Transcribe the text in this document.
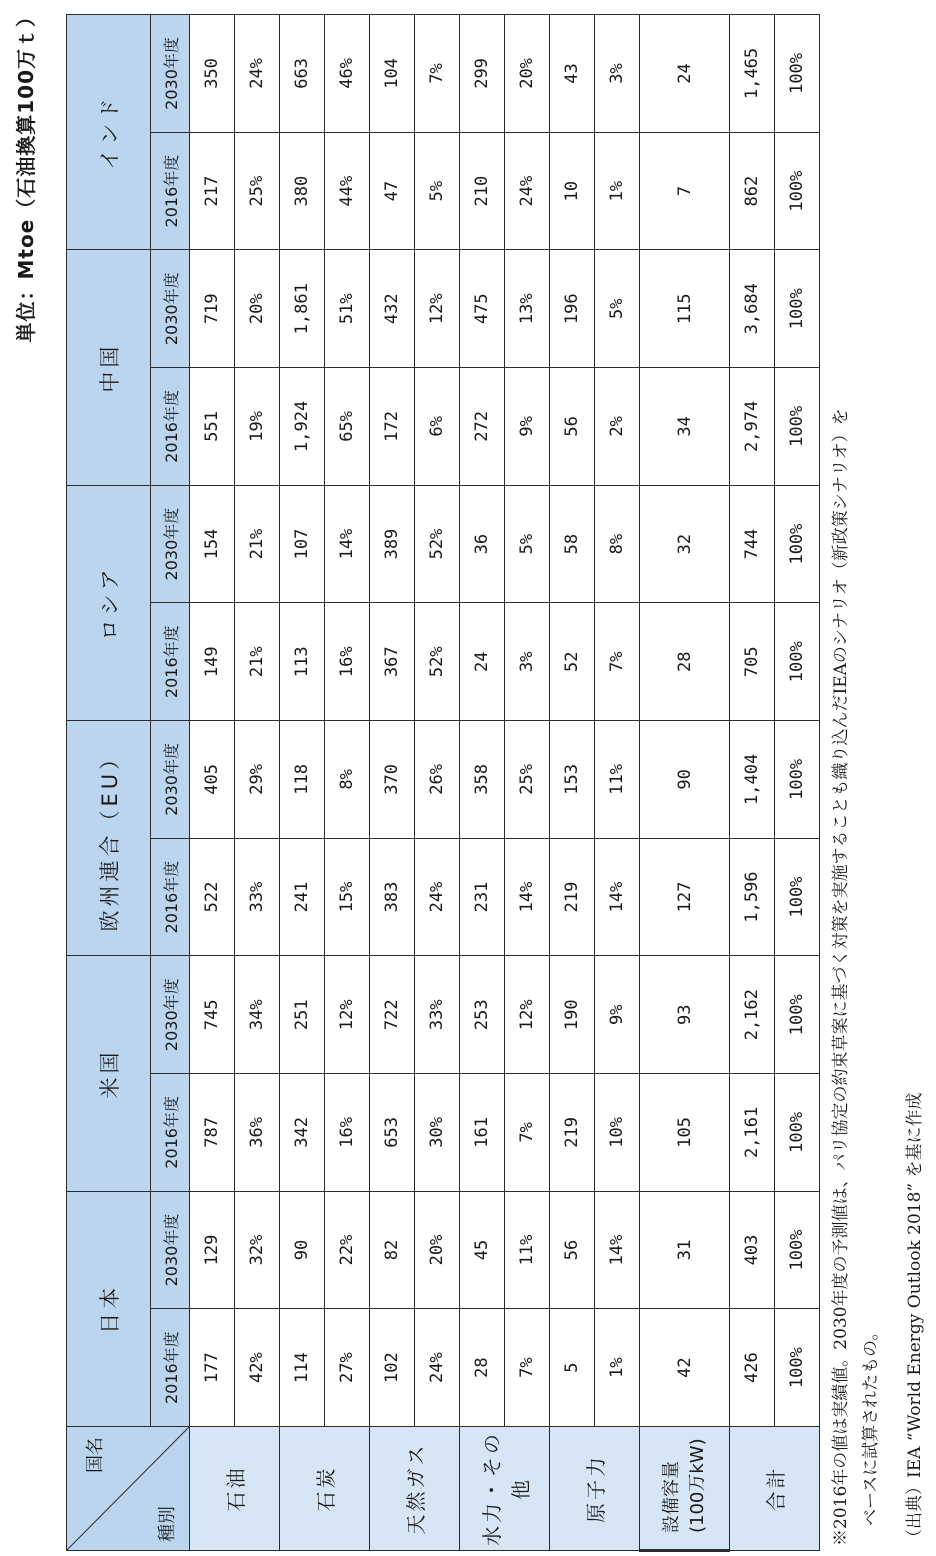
単位：Mtoe（石油換算100万ｔ）
国名
種別	日本		米国		欧州連合（EU）		ロシア		中国		インド	
	2016年度	2030年度	2016年度	2030年度	2016年度	2030年度	2016年度	2030年度	2016年度	2030年度	2016年度	2030年度
石油	177	129	787	745	522	405	149	154	551	719	217	350
	42%	32%	36%	34%	33%	29%	21%	21%	19%	20%	25%	24%
石炭	114	90	342	251	241	118	113	107	1,924	1,861	380	663
	27%	22%	16%	12%	15%	8%	16%	14%	65%	51%	44%	46%
天然ガス	102	82	653	722	383	370	367	389	172	432	47	104
	24%	20%	30%	33%	24%	26%	52%	52%	6%	12%	5%	7%
水力・その他	28	45	161	253	231	358	24	36	272	475	210	299
	7%	11%	7%	12%	14%	25%	3%	5%	9%	13%	24%	20%
原子力	5	56	219	190	219	153	52	58	56	196	10	43
	1%	14%	10%	9%	14%	11%	7%	8%	2%	5%	1%	3%

設備容量 (100万kW)	42	31	105	93	127	90	28	32	34	115	7	24
合計	426	403	2,161	2,162	1,596	1,404	705	744	2,974	3,684	862	1,465
	100%	100%	100%	100%	100%	100%	100%	100%	100%	100%	100%	100%
※2016年の値は実績値。2030年度の予測値は、パリ協定の約束草案に基づく対策を実施することも織り込んだIEAのシナリオ（新政策シナリオ）を ベースに試算されたもの。 （出典）IEA “World Energy Outlook 2018” を基に作成
